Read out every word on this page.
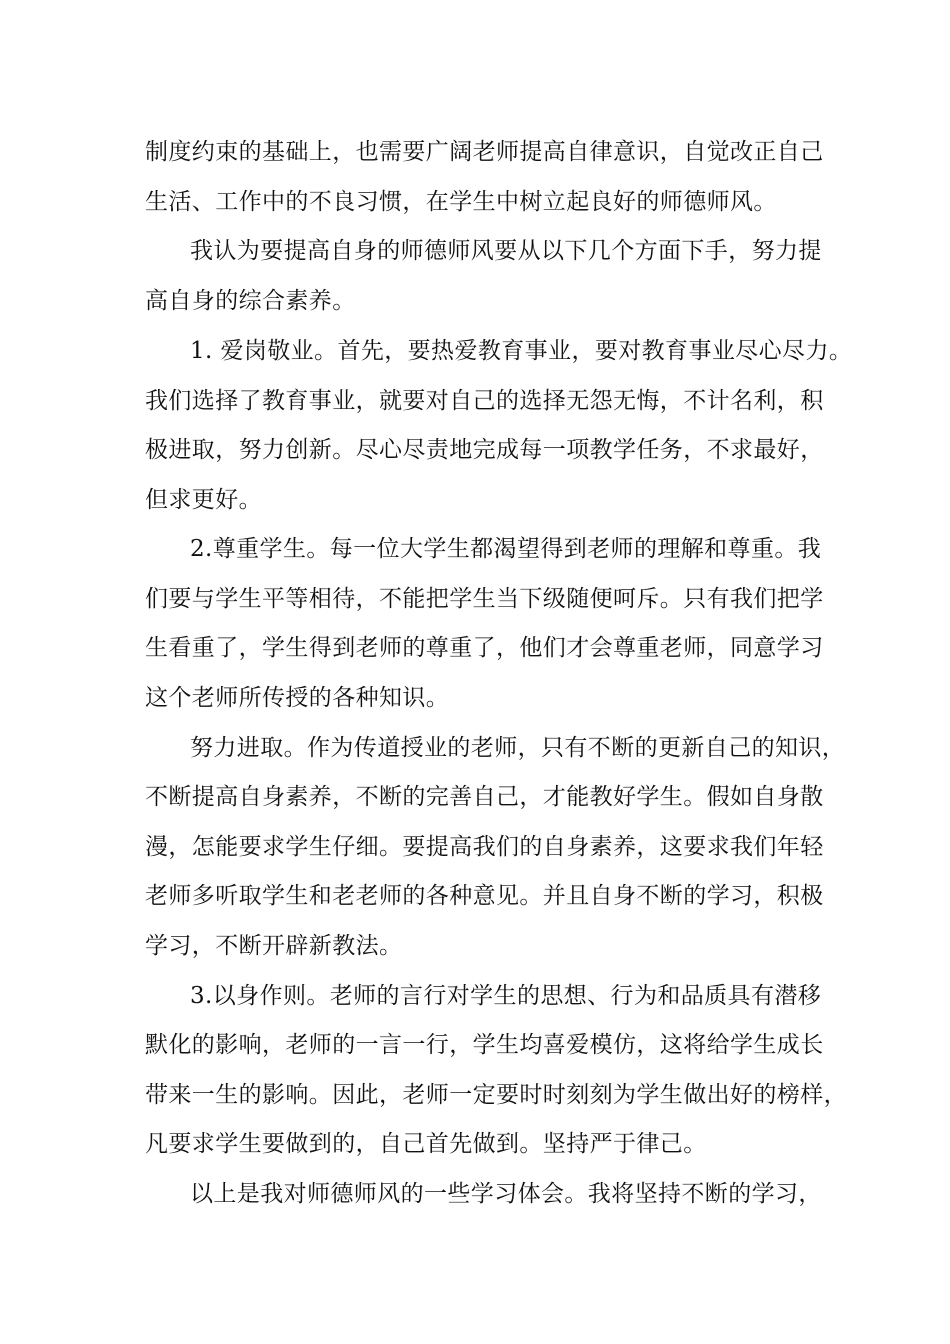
制度约束的基础上，也需要广阔老师提高自律意识，自觉改正自己
生活、工作中的不良习惯，在学生中树立起良好的师德师风。
我认为要提高自身的师德师风要从以下几个方面下手，努力提
高自身的综合素养。
1. 爱岗敬业。首先，要热爱教育事业，要对教育事业尽心尽力。
我们选择了教育事业，就要对自己的选择无怨无悔，不计名利，积
极进取，努力创新。尽心尽责地完成每一项教学任务，不求最好，
但求更好。
2.尊重学生。每一位大学生都渴望得到老师的理解和尊重。我
们要与学生平等相待，不能把学生当下级随便呵斥。只有我们把学
生看重了，学生得到老师的尊重了，他们才会尊重老师，同意学习
这个老师所传授的各种知识。
努力进取。作为传道授业的老师，只有不断的更新自己的知识，
不断提高自身素养，不断的完善自己，才能教好学生。假如自身散
漫，怎能要求学生仔细。要提高我们的自身素养，这要求我们年轻
老师多听取学生和老老师的各种意见。并且自身不断的学习，积极
学习，不断开辟新教法。
3.以身作则。老师的言行对学生的思想、行为和品质具有潜移
默化的影响，老师的一言一行，学生均喜爱模仿，这将给学生成长
带来一生的影响。因此，老师一定要时时刻刻为学生做出好的榜样，
凡要求学生要做到的，自己首先做到。坚持严于律己。
以上是我对师德师风的一些学习体会。我将坚持不断的学习，
